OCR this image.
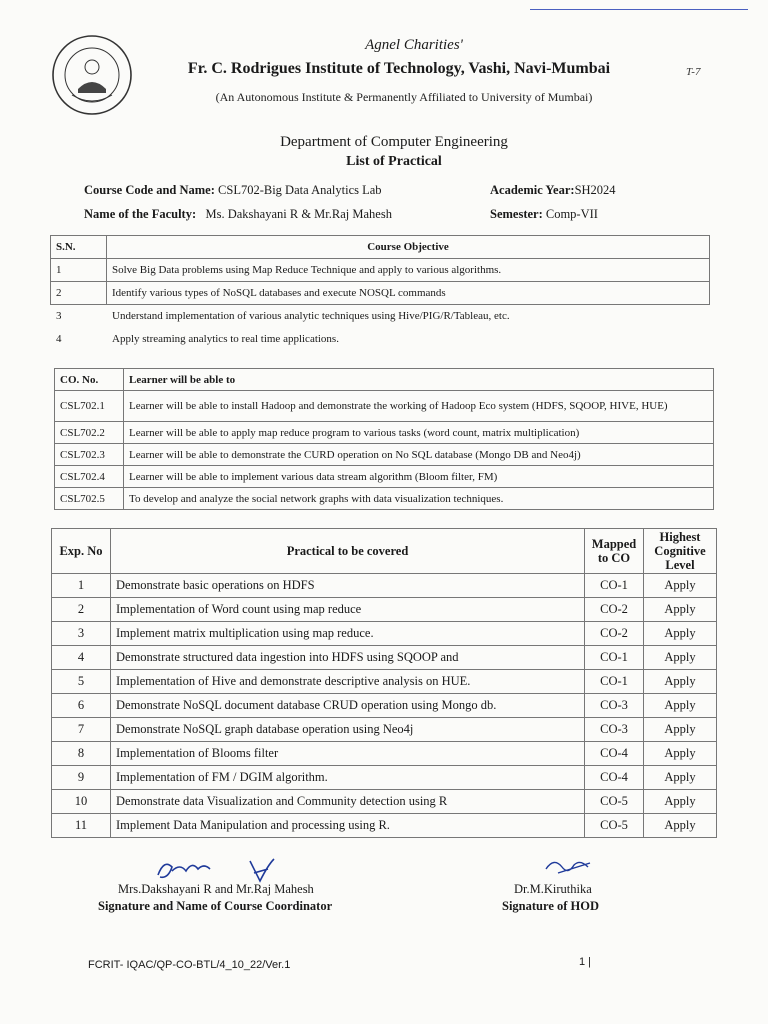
T-7
Agnel Charities'
Fr. C. Rodrigues Institute of Technology, Vashi, Navi-Mumbai
(An Autonomous Institute & Permanently Affiliated to University of Mumbai)
Department of Computer Engineering
List of Practical
Course Code and Name: CSL702-Big Data Analytics Lab	Academic Year:SH2024
Name of the Faculty: Ms. Dakshayani R & Mr.Raj Mahesh	Semester: Comp-VII
S.N.	Course Objective
1	Solve Big Data problems using Map Reduce Technique and apply to various algorithms.
2	Identify various types of NoSQL databases and execute NOSQL commands
3	Understand implementation of various analytic techniques using Hive/PIG/R/Tableau, etc.
4	Apply streaming analytics to real time applications.
CO. No.	Learner will be able to
CSL702.1	Learner will be able to install Hadoop and demonstrate the working of Hadoop Eco system (HDFS, SQOOP, HIVE, HUE)
CSL702.2	Learner will be able to apply map reduce program to various tasks (word count, matrix multiplication)
CSL702.3	Learner will be able to demonstrate the CURD operation on No SQL database (Mongo DB and Neo4j)
CSL702.4	Learner will be able to implement various data stream algorithm (Bloom filter, FM)
CSL702.5	To develop and analyze the social network graphs with data visualization techniques.
Exp. No	Practical to be covered	Mapped to CO	Highest Cognitive Level
1	Demonstrate basic operations on HDFS	CO-1	Apply
2	Implementation of Word count using map reduce	CO-2	Apply
3	Implement matrix multiplication using map reduce.	CO-2	Apply
4	Demonstrate structured data ingestion into HDFS using SQOOP and	CO-1	Apply
5	Implementation of Hive and demonstrate descriptive analysis on HUE.	CO-1	Apply
6	Demonstrate NoSQL document database CRUD operation using Mongo db.	CO-3	Apply
7	Demonstrate NoSQL graph database operation using Neo4j	CO-3	Apply
8	Implementation of Blooms filter	CO-4	Apply
9	Implementation of FM / DGIM algorithm.	CO-4	Apply
10	Demonstrate data Visualization and Community detection using R	CO-5	Apply
11	Implement Data Manipulation and processing using R.	CO-5	Apply
Mrs.Dakshayani R and Mr.Raj Mahesh
Signature and Name of Course Coordinator
Dr.M.Kiruthika
Signature of HOD
FCRIT- IQAC/QP-CO-BTL/4_10_22/Ver.1	1 |
